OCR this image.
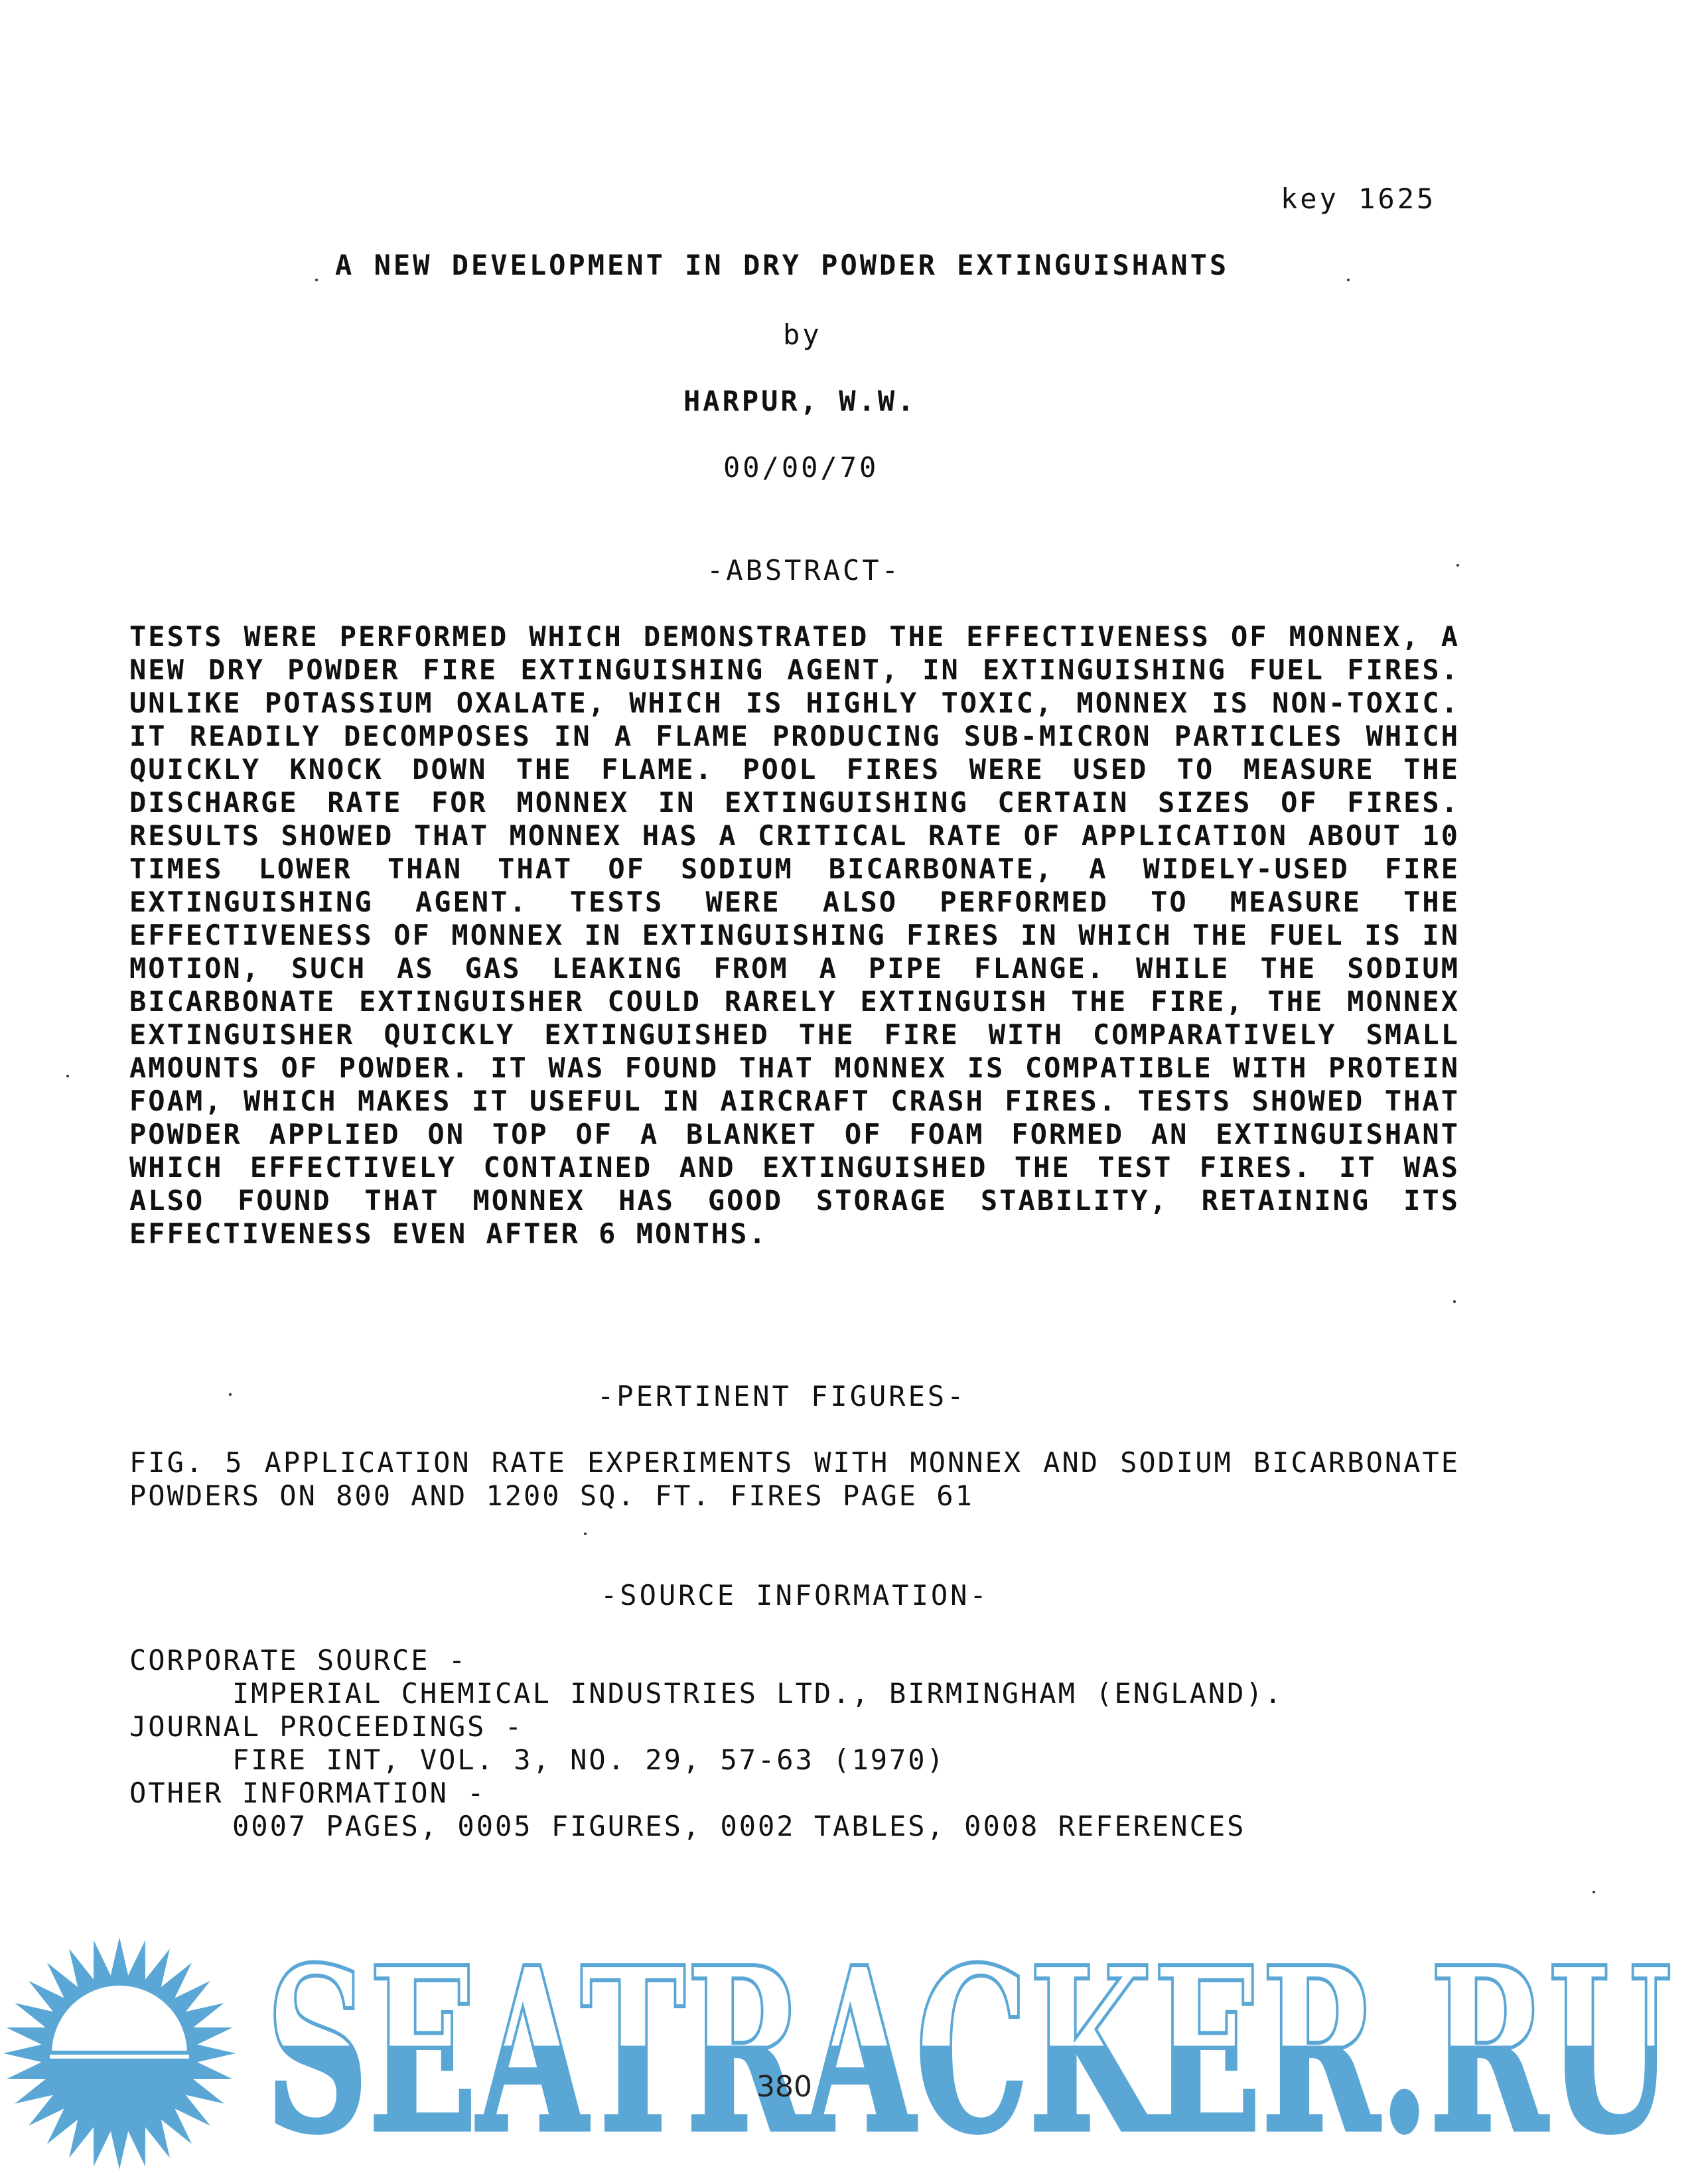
key 1625
A NEW DEVELOPMENT IN DRY POWDER EXTINGUISHANTS
by
HARPUR, W.W.
00/00/70
-ABSTRACT-
TESTS WERE PERFORMED WHICH DEMONSTRATED THE EFFECTIVENESS OF MONNEX, A NEW DRY POWDER FIRE EXTINGUISHING AGENT, IN EXTINGUISHING FUEL FIRES. UNLIKE POTASSIUM OXALATE, WHICH IS HIGHLY TOXIC, MONNEX IS NON-TOXIC. IT READILY DECOMPOSES IN A FLAME PRODUCING SUB-MICRON PARTICLES WHICH QUICKLY KNOCK DOWN THE FLAME. POOL FIRES WERE USED TO MEASURE THE DISCHARGE RATE FOR MONNEX IN EXTINGUISHING CERTAIN SIZES OF FIRES. RESULTS SHOWED THAT MONNEX HAS A CRITICAL RATE OF APPLICATION ABOUT 10 TIMES LOWER THAN THAT OF SODIUM BICARBONATE, A WIDELY-USED FIRE EXTINGUISHING AGENT. TESTS WERE ALSO PERFORMED TO MEASURE THE EFFECTIVENESS OF MONNEX IN EXTINGUISHING FIRES IN WHICH THE FUEL IS IN MOTION, SUCH AS GAS LEAKING FROM A PIPE FLANGE. WHILE THE SODIUM BICARBONATE EXTINGUISHER COULD RARELY EXTINGUISH THE FIRE, THE MONNEX EXTINGUISHER QUICKLY EXTINGUISHED THE FIRE WITH COMPARATIVELY SMALL AMOUNTS OF POWDER. IT WAS FOUND THAT MONNEX IS COMPATIBLE WITH PROTEIN FOAM, WHICH MAKES IT USEFUL IN AIRCRAFT CRASH FIRES. TESTS SHOWED THAT POWDER APPLIED ON TOP OF A BLANKET OF FOAM FORMED AN EXTINGUISHANT WHICH EFFECTIVELY CONTAINED AND EXTINGUISHED THE TEST FIRES. IT WAS ALSO FOUND THAT MONNEX HAS GOOD STORAGE STABILITY, RETAINING ITS EFFECTIVENESS EVEN AFTER 6 MONTHS.
-PERTINENT FIGURES-
FIG. 5 APPLICATION RATE EXPERIMENTS WITH MONNEX AND SODIUM BICARBONATE POWDERS ON 800 AND 1200 SQ. FT. FIRES PAGE 61
-SOURCE INFORMATION-
CORPORATE SOURCE -
IMPERIAL CHEMICAL INDUSTRIES LTD., BIRMINGHAM (ENGLAND).
JOURNAL PROCEEDINGS -
FIRE INT, VOL. 3, NO. 29, 57-63 (1970)
OTHER INFORMATION -
0007 PAGES, 0005 FIGURES, 0002 TABLES, 0008 REFERENCES
SEATRACKER.RU
380
